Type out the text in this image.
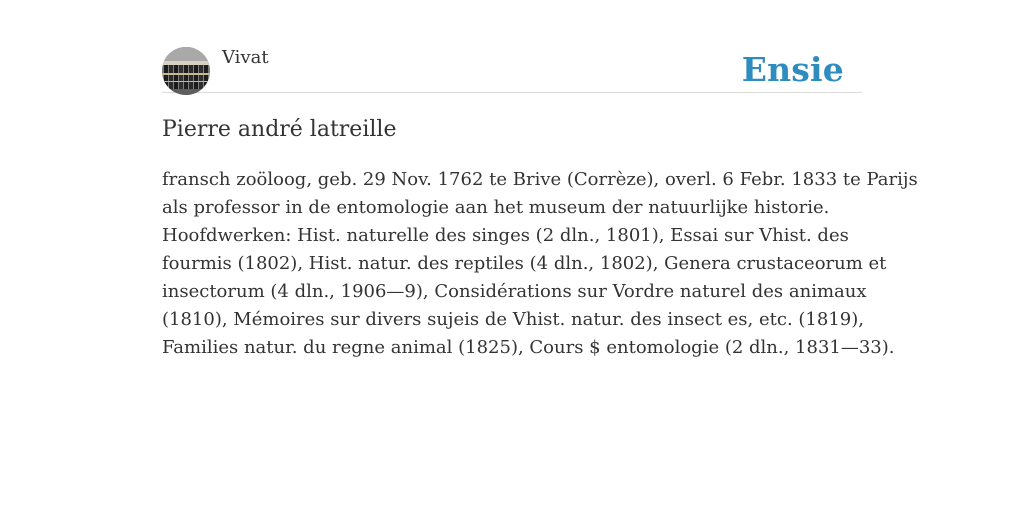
Vivat	Ensie
Pierre andré latreille

fransch zoöloog, geb. 29 Nov. 1762 te Brive (Corrèze), overl. 6 Febr. 1833 te Parijs
als professor in de entomologie aan het museum der natuurlijke historie.
Hoofdwerken: Hist. naturelle des singes (2 dln., 1801), Essai sur Vhist. des
fourmis (1802), Hist. natur. des reptiles (4 dln., 1802), Genera crustaceorum et
insectorum (4 dln., 1906—9), Considérations sur Vordre naturel des animaux
(1810), Mémoires sur divers sujeis de Vhist. natur. des insect es, etc. (1819),
Families natur. du regne animal (1825), Cours $ entomologie (2 dln., 1831—33).
